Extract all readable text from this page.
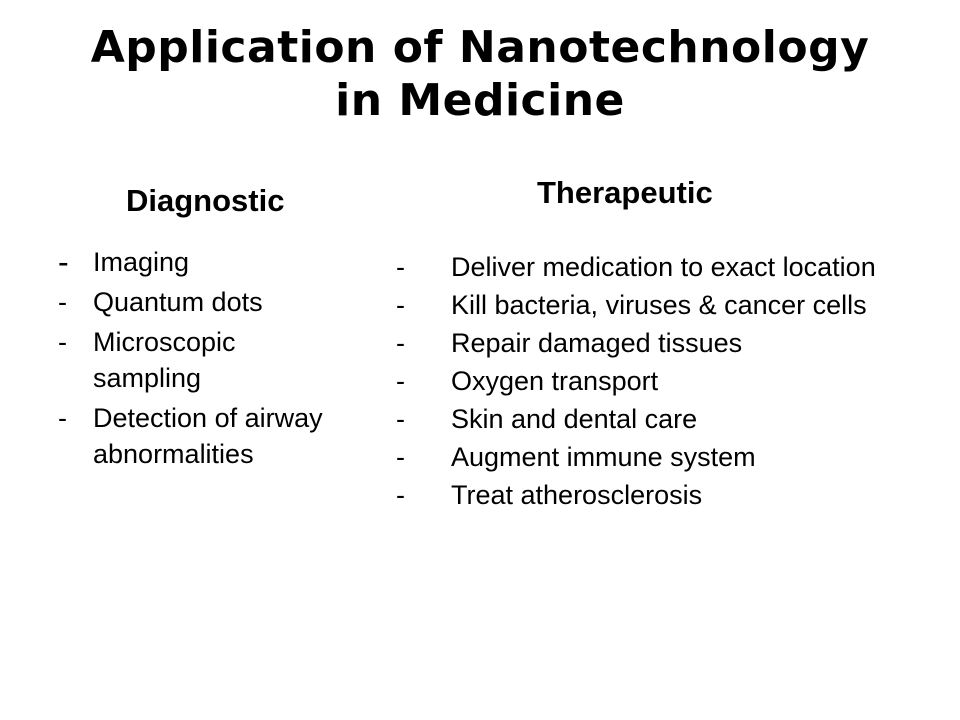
Application of Nanotechnology
in Medicine
Diagnostic	Therapeutic
- Imaging
- Quantum dots
- Microscopic sampling
- Detection of airway abnormalities
- Deliver medication to exact location
- Kill bacteria, viruses & cancer cells
- Repair damaged tissues
- Oxygen transport
- Skin and dental care
- Augment immune system
- Treat atherosclerosis
